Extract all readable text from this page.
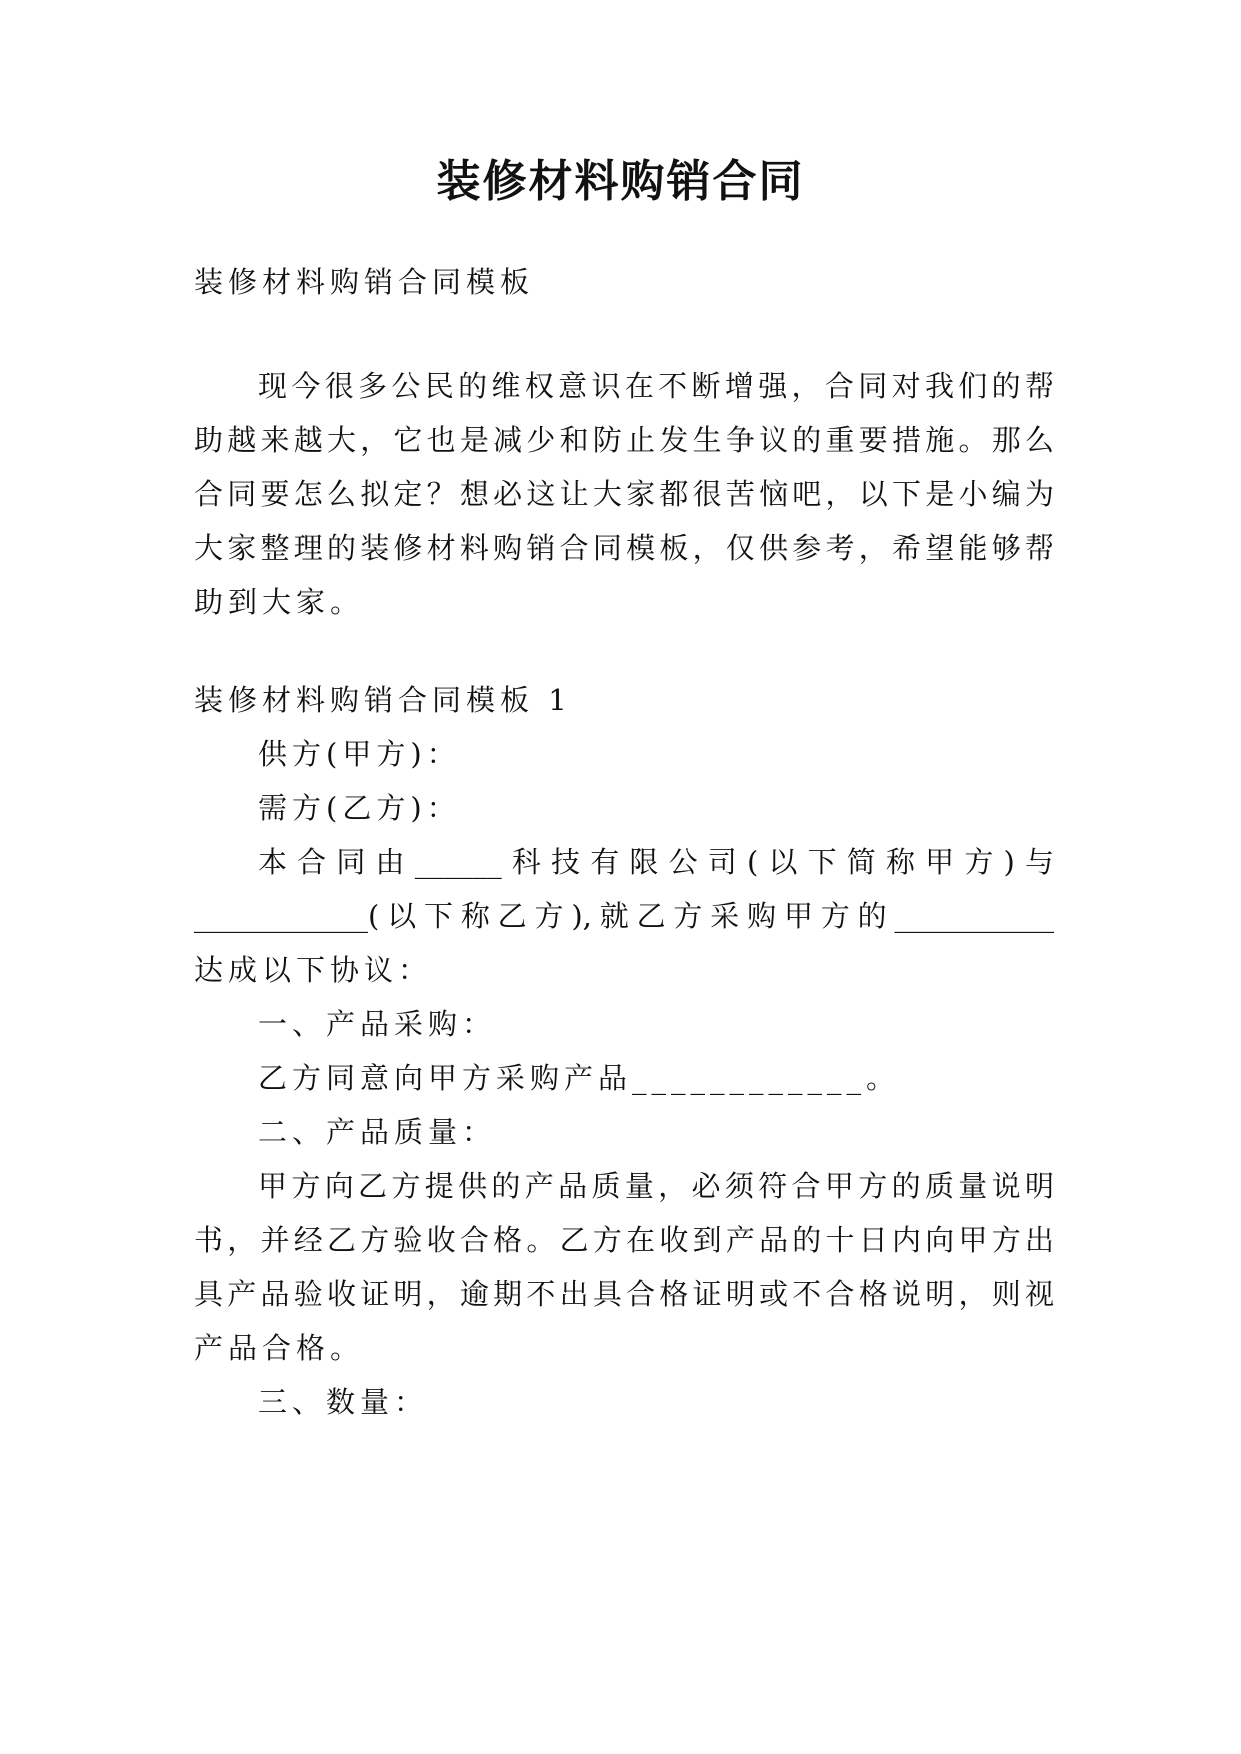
装修材料购销合同
装修材料购销合同模板
现今很多公民的维权意识在不断增强，合同对我们的帮
助越来越大，它也是减少和防止发生争议的重要措施。那么
合同要怎么拟定？想必这让大家都很苦恼吧，以下是小编为
大家整理的装修材料购销合同模板，仅供参考，希望能够帮
助到大家。
装修材料购销合同模板 1
供方(甲方)：
需方(乙方)：
本合同由______科技有限公司(以下简称甲方)与
____________(以下称乙方),就乙方采购甲方的___________
达成以下协议：
一、产品采购：
乙方同意向甲方采购产品____________。
二、产品质量：
甲方向乙方提供的产品质量，必须符合甲方的质量说明
书，并经乙方验收合格。乙方在收到产品的十日内向甲方出
具产品验收证明，逾期不出具合格证明或不合格说明，则视
产品合格。
三、数量：
